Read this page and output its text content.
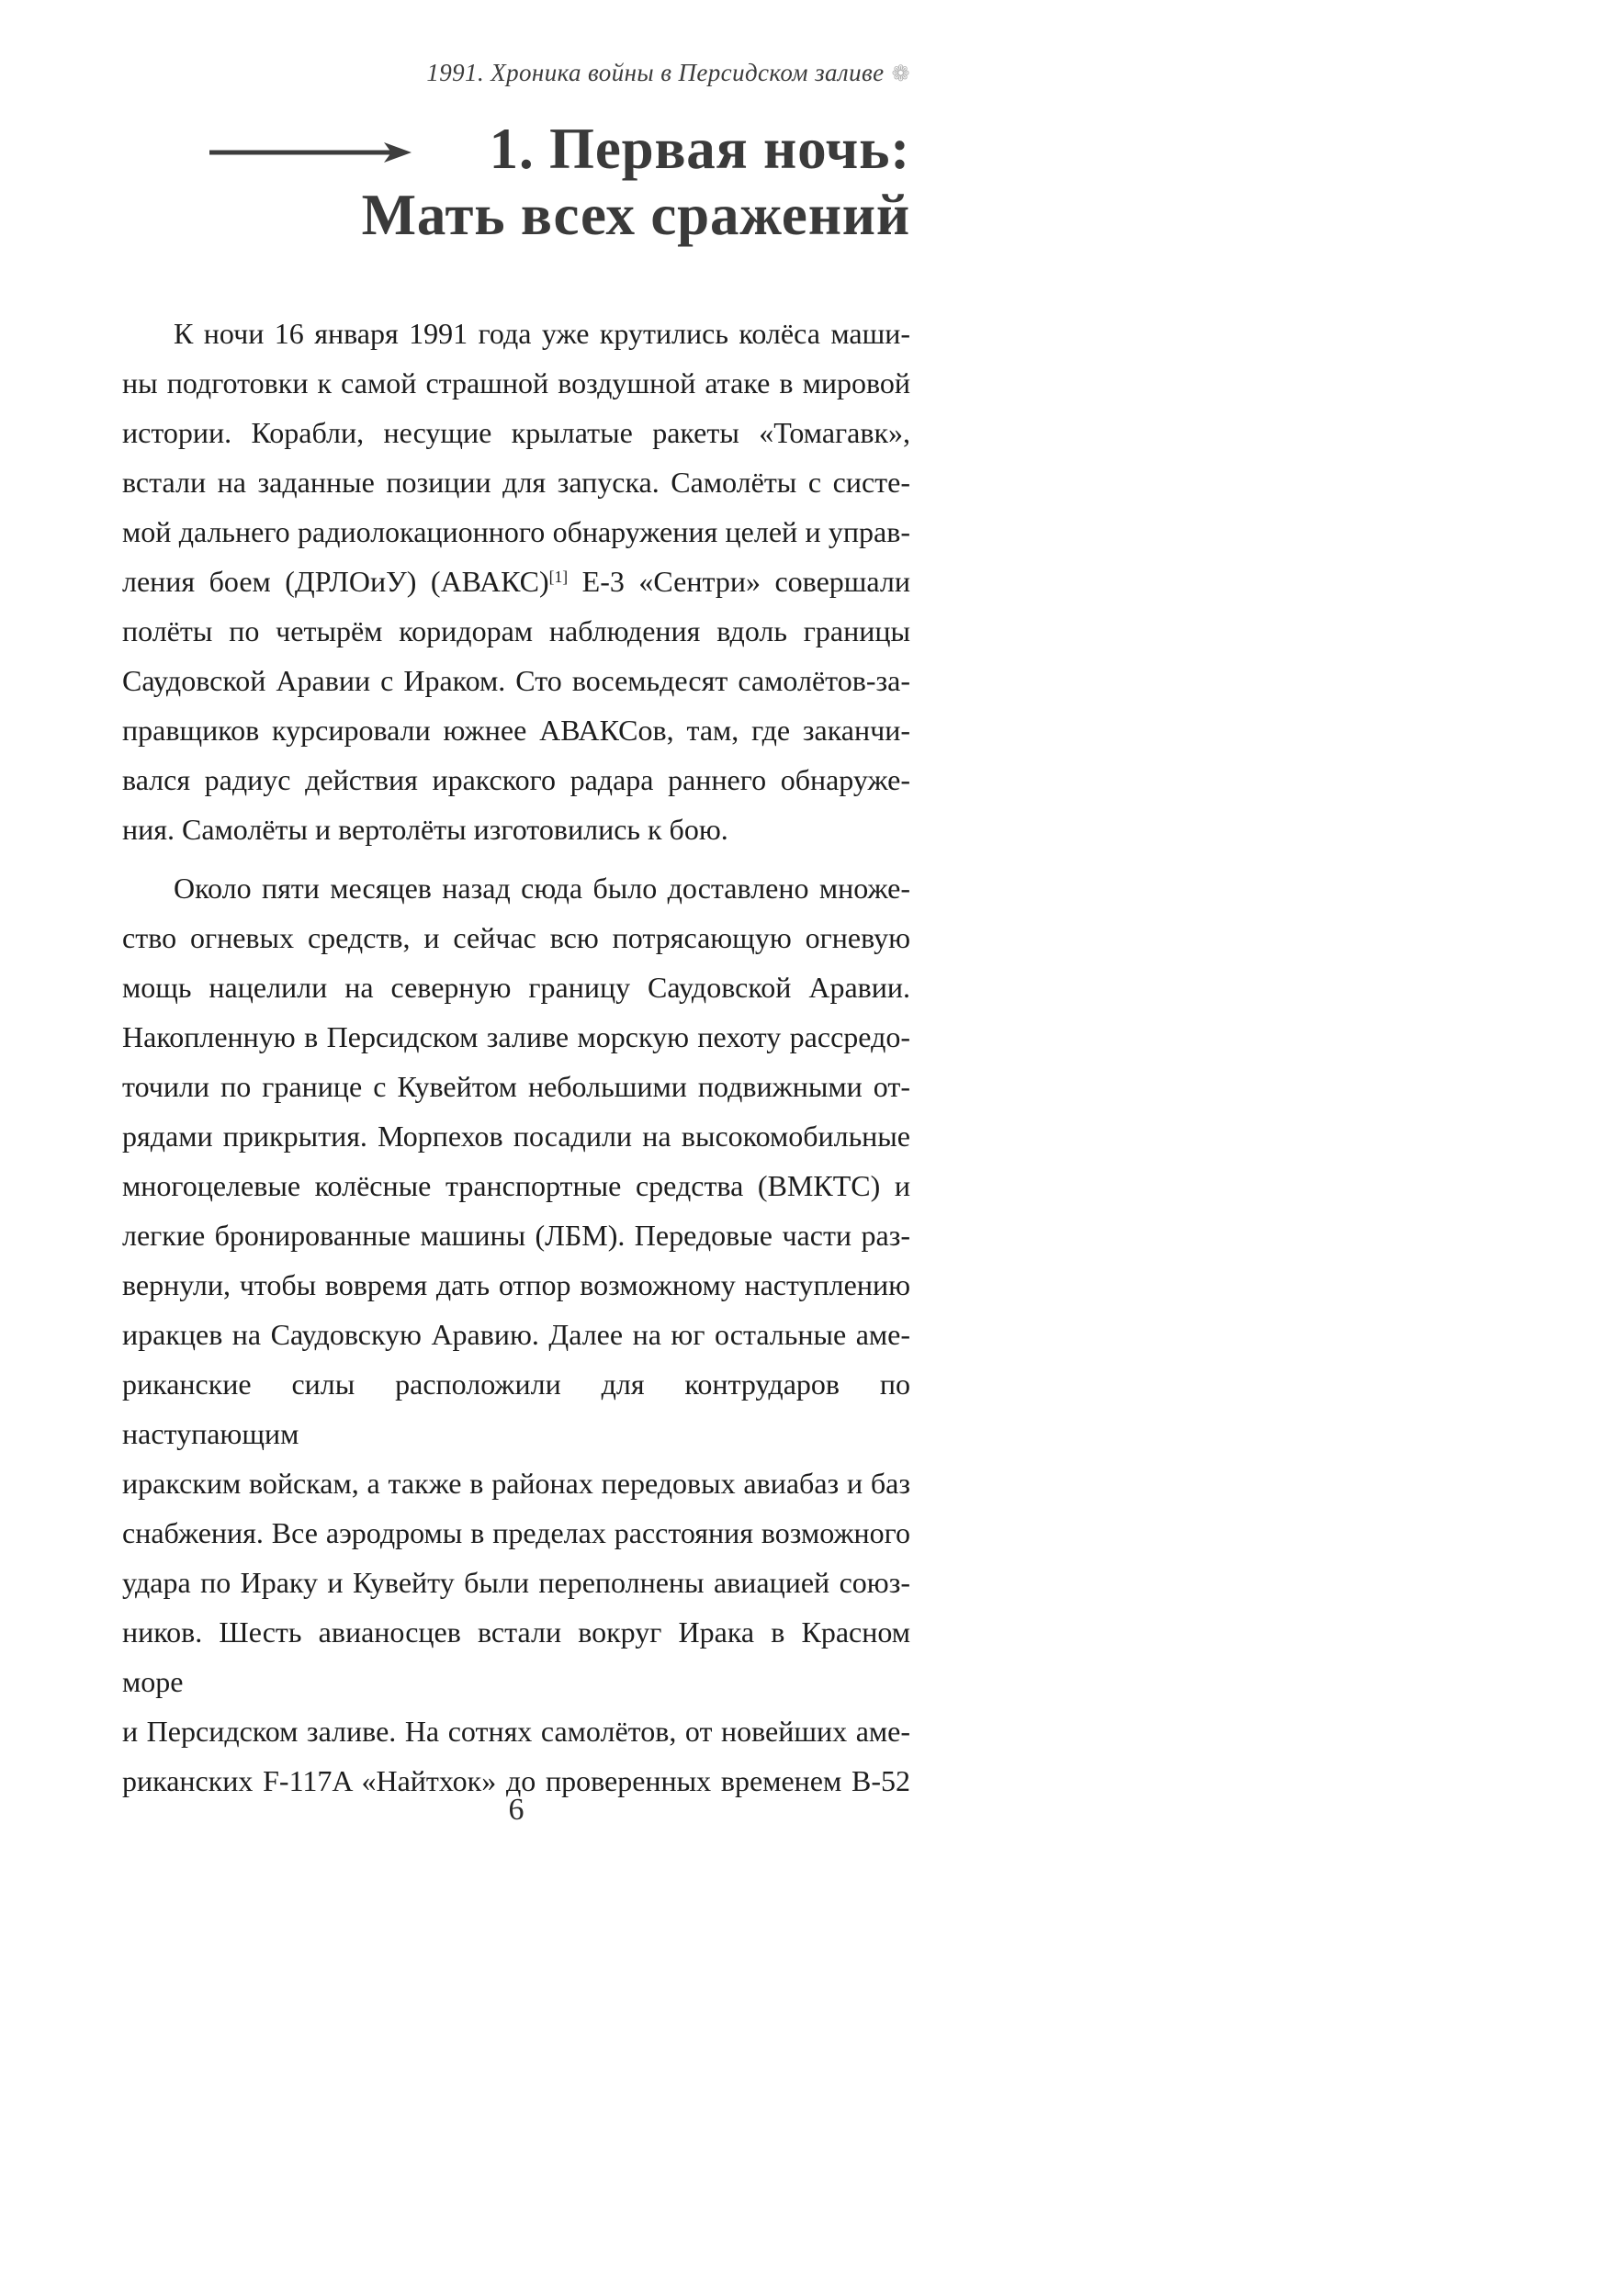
1991. Хроника войны в Персидском заливе ❁
1. Первая ночь:
Мать всех сражений
К ночи 16 января 1991 года уже крутились колёса маши-
ны подготовки к самой страшной воздушной атаке в мировой
истории. Корабли, несущие крылатые ракеты «Томагавк»,
встали на заданные позиции для запуска. Самолёты с систе-
мой дальнего радиолокационного обнаружения целей и управ-
ления боем (ДРЛОиУ) (АВАКС)[1] Е-3 «Сентри» совершали
полёты по четырём коридорам наблюдения вдоль границы
Саудовской Аравии с Ираком. Сто восемьдесят самолётов-за-
правщиков курсировали южнее АВАКСов, там, где заканчи-
вался радиус действия иракского радара раннего обнаруже-
ния. Самолёты и вертолёты изготовились к бою.
Около пяти месяцев назад сюда было доставлено множе-
ство огневых средств, и сейчас всю потрясающую огневую
мощь нацелили на северную границу Саудовской Аравии.
Накопленную в Персидском заливе морскую пехоту рассредо-
точили по границе с Кувейтом небольшими подвижными от-
рядами прикрытия. Морпехов посадили на высокомобильные
многоцелевые колёсные транспортные средства (ВМКТС) и
легкие бронированные машины (ЛБМ). Передовые части раз-
вернули, чтобы вовремя дать отпор возможному наступлению
иракцев на Саудовскую Аравию. Далее на юг остальные аме-
риканские силы расположили для контрударов по наступающим
иракским войскам, а также в районах передовых авиабаз и баз
снабжения. Все аэродромы в пределах расстояния возможного
удара по Ираку и Кувейту были переполнены авиацией союз-
ников. Шесть авианосцев встали вокруг Ирака в Красном море
и Персидском заливе. На сотнях самолётов, от новейших аме-
риканских F-117A «Найтхок» до проверенных временем В-52
6
